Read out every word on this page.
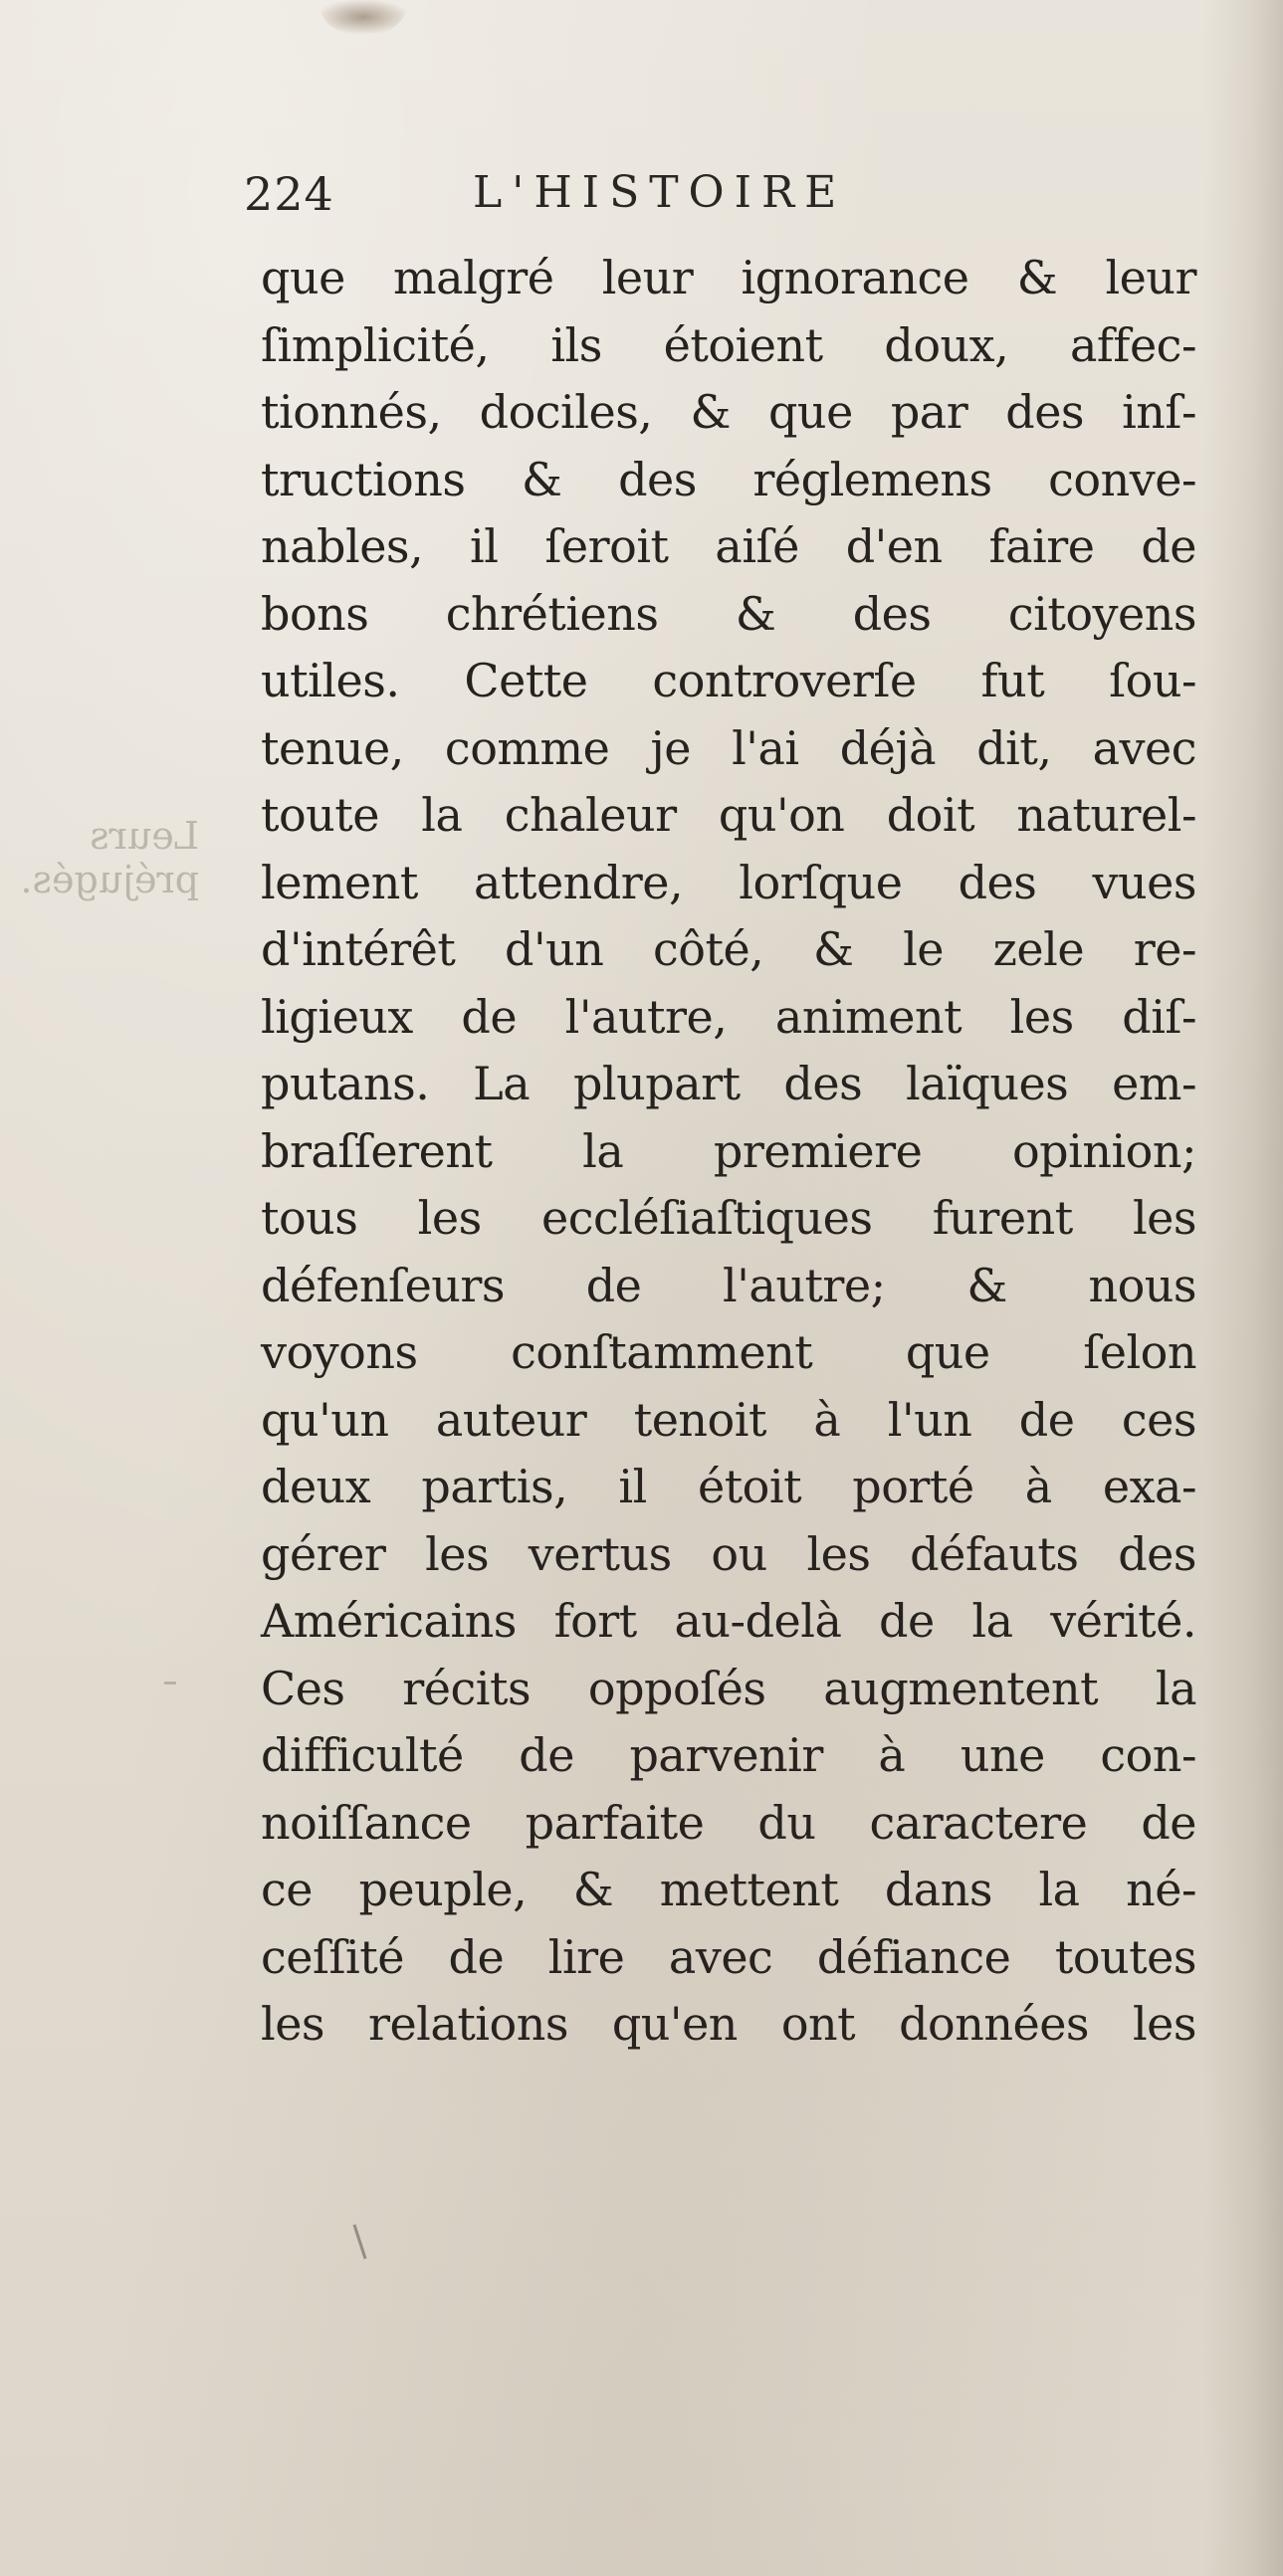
224	L'HISTOIRE
Leurs
préjugés.
que malgré leur ignorance & leur
ſimplicité, ils étoient doux, affec-
tionnés, dociles, & que par des inſ-
tructions & des réglemens conve-
nables, il ſeroit aiſé d'en faire de
bons chrétiens & des citoyens
utiles. Cette controverſe fut ſou-
tenue, comme je l'ai déjà dit, avec
toute la chaleur qu'on doit naturel-
lement attendre, lorſque des vues
d'intérêt d'un côté, & le zele re-
ligieux de l'autre, animent les diſ-
putans. La plupart des laïques em-
braſſerent la premiere opinion;
tous les eccléſiaſtiques furent les
défenſeurs de l'autre; & nous
voyons conſtamment que ſelon
qu'un auteur tenoit à l'un de ces
deux partis, il étoit porté à exa-
gérer les vertus ou les défauts des
Américains fort au-delà de la vérité.
Ces récits oppoſés augmentent la
difficulté de parvenir à une con-
noiſſance parfaite du caractere de
ce peuple, & mettent dans la né-
ceſſité de lire avec défiance toutes
les relations qu'en ont données les
